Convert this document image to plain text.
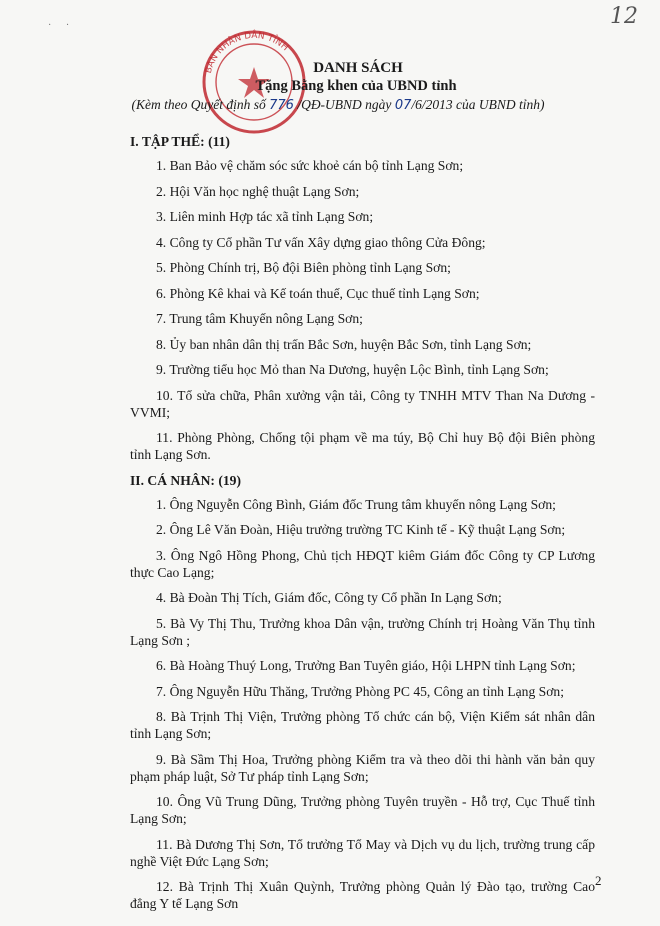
12
· ·
BAN NHÂN DÂN TỈNH
DANH SÁCH
Tặng Bằng khen của UBND tỉnh
(Kèm theo Quyết định số 776 /QĐ-UBND ngày 07/6/2013 của UBND tỉnh)
I. TẬP THỂ: (11)

1. Ban Bảo vệ chăm sóc sức khoẻ cán bộ tỉnh Lạng Sơn;

2. Hội Văn học nghệ thuật Lạng Sơn;

3. Liên minh Hợp tác xã tỉnh Lạng Sơn;

4. Công ty Cổ phần Tư vấn Xây dựng giao thông Cửa Đông;

5. Phòng Chính trị, Bộ đội Biên phòng tỉnh Lạng Sơn;

6. Phòng Kê khai và Kế toán thuế, Cục thuế tỉnh Lạng Sơn;

7. Trung tâm Khuyến nông Lạng Sơn;

8. Ủy ban nhân dân thị trấn Bắc Sơn, huyện Bắc Sơn, tỉnh Lạng Sơn;

9. Trường tiểu học Mỏ than Na Dương, huyện Lộc Bình, tỉnh Lạng Sơn;

10. Tổ sửa chữa, Phân xưởng vận tải, Công ty TNHH MTV Than Na Dương - VVMI;

11. Phòng Phòng, Chống tội phạm về ma túy, Bộ Chỉ huy Bộ đội Biên phòng tỉnh Lạng Sơn.

II. CÁ NHÂN: (19)

1. Ông Nguyễn Công Bình, Giám đốc Trung tâm khuyến nông Lạng Sơn;

2. Ông Lê Văn Đoàn, Hiệu trưởng trường TC Kinh tế - Kỹ thuật Lạng Sơn;

3. Ông Ngô Hồng Phong, Chủ tịch HĐQT kiêm Giám đốc Công ty CP Lương thực Cao Lạng;

4. Bà Đoàn Thị Tích, Giám đốc, Công ty Cổ phần In Lạng Sơn;

5. Bà Vy Thị Thu, Trưởng khoa Dân vận, trường Chính trị Hoàng Văn Thụ tỉnh Lạng Sơn ;

6. Bà Hoàng Thuý Long, Trưởng Ban Tuyên giáo, Hội LHPN tỉnh Lạng Sơn;

7. Ông Nguyễn Hữu Thăng, Trưởng Phòng PC 45, Công an tỉnh Lạng Sơn;

8. Bà Trịnh Thị Viện, Trưởng phòng Tổ chức cán bộ, Viện Kiểm sát nhân dân tỉnh Lạng Sơn;

9. Bà Sầm Thị Hoa, Trưởng phòng Kiểm tra và theo dõi thi hành văn bản quy phạm pháp luật, Sở Tư pháp tỉnh Lạng Sơn;

10. Ông Vũ Trung Dũng, Trưởng phòng Tuyên truyền - Hỗ trợ, Cục Thuế tỉnh Lạng Sơn;

11. Bà Dương Thị Sơn, Tổ trưởng Tổ May và Dịch vụ du lịch, trường trung cấp nghề Việt Đức Lạng Sơn;

12. Bà Trịnh Thị Xuân Quỳnh, Trưởng phòng Quản lý Đào tạo, trường Cao đẳng Y tế Lạng Sơn

2
